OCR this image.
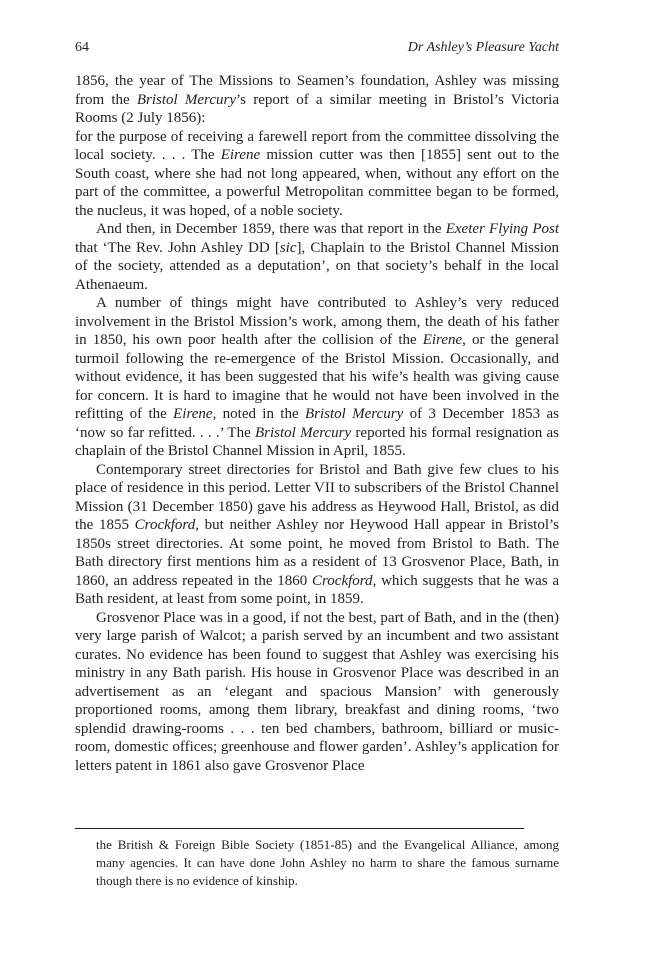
64	Dr Ashley’s Pleasure Yacht

1856, the year of The Missions to Seamen’s foundation, Ashley was missing from the Bristol Mercury’s report of a similar meeting in Bristol’s Victoria Rooms (2 July 1856):

for the purpose of receiving a farewell report from the committee dissolving the local society. . . . The Eirene mission cutter was then [1855] sent out to the South coast, where she had not long appeared, when, without any effort on the part of the committee, a powerful Metropolitan committee began to be formed, the nucleus, it was hoped, of a noble society.

And then, in December 1859, there was that report in the Exeter Flying Post that ‘The Rev. John Ashley DD [sic], Chaplain to the Bristol Channel Mission of the society, attended as a deputation’, on that society’s behalf in the local Athenaeum.

A number of things might have contributed to Ashley’s very reduced involvement in the Bristol Mission’s work, among them, the death of his father in 1850, his own poor health after the collision of the Eirene, or the general turmoil following the re-emergence of the Bristol Mission. Occasionally, and without evidence, it has been suggested that his wife’s health was giving cause for concern. It is hard to imagine that he would not have been involved in the refitting of the Eirene, noted in the Bristol Mercury of 3 December 1853 as ‘now so far refitted. . . .’ The Bristol Mercury reported his formal resignation as chaplain of the Bristol Channel Mission in April, 1855.

Contemporary street directories for Bristol and Bath give few clues to his place of residence in this period. Letter VII to subscribers of the Bristol Channel Mission (31 December 1850) gave his address as Heywood Hall, Bristol, as did the 1855 Crockford, but neither Ashley nor Heywood Hall appear in Bristol’s 1850s street directories. At some point, he moved from Bristol to Bath. The Bath directory first mentions him as a resident of 13 Grosvenor Place, Bath, in 1860, an address repeated in the 1860 Crockford, which suggests that he was a Bath resident, at least from some point, in 1859.

Grosvenor Place was in a good, if not the best, part of Bath, and in the (then) very large parish of Walcot; a parish served by an incumbent and two assistant curates. No evidence has been found to suggest that Ashley was exercising his ministry in any Bath parish. His house in Grosvenor Place was described in an advertisement as an ‘elegant and spacious Mansion’ with generously proportioned rooms, among them library, breakfast and dining rooms, ‘two splendid drawing-rooms . . . ten bed chambers, bathroom, billiard or music-room, domestic offices; greenhouse and flower garden’. Ashley’s application for letters patent in 1861 also gave Grosvenor Place

the British & Foreign Bible Society (1851-85) and the Evangelical Alliance, among many agencies. It can have done John Ashley no harm to share the famous surname though there is no evidence of kinship.
